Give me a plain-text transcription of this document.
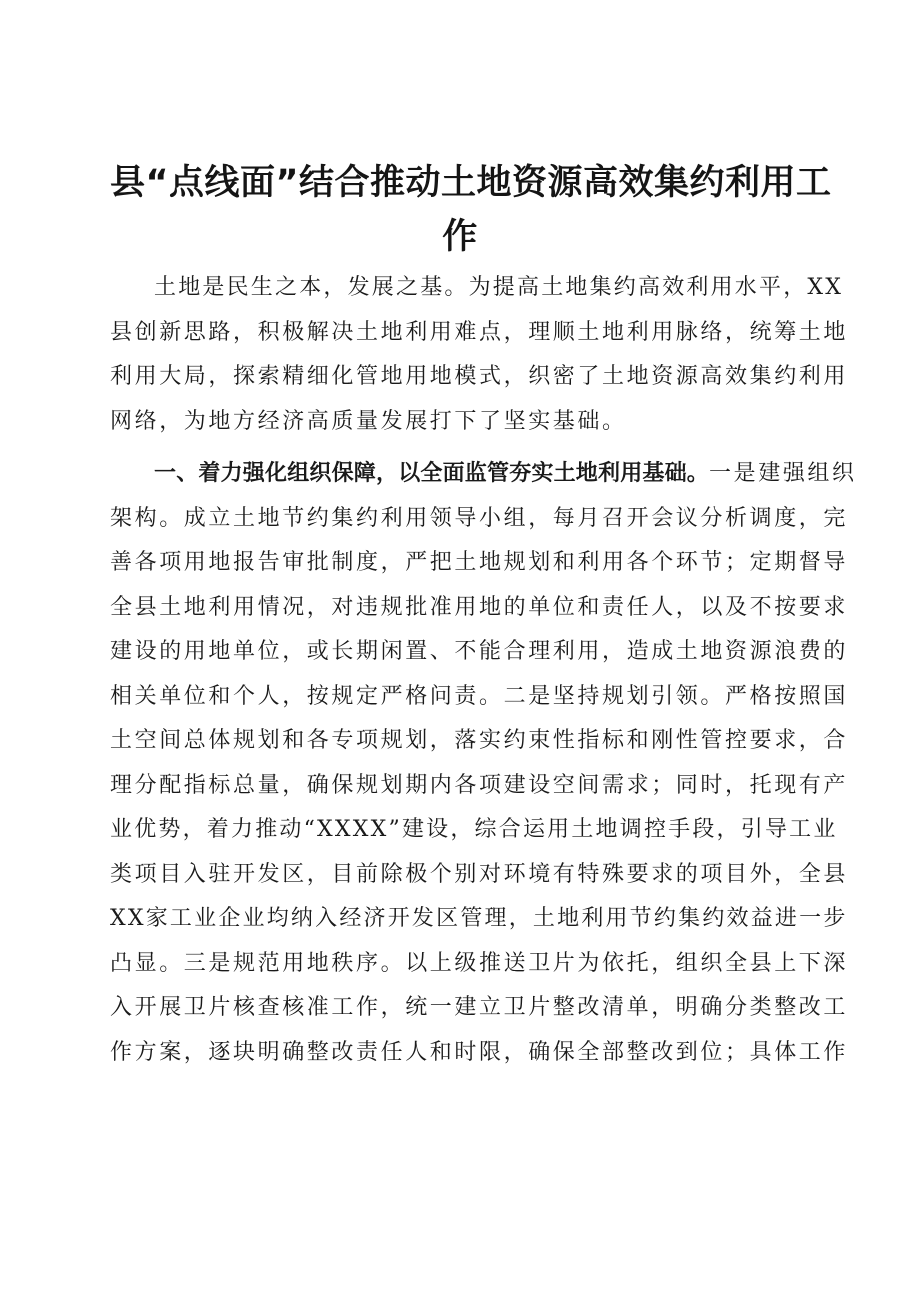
县“点线面”结合推动土地资源高效集约利用工
作
土地是民生之本，发展之基。为提高土地集约高效利用水平，XX
县创新思路，积极解决土地利用难点，理顺土地利用脉络，统筹土地
利用大局，探索精细化管地用地模式，织密了土地资源高效集约利用
网络，为地方经济高质量发展打下了坚实基础。
一、着力强化组织保障，以全面监管夯实土地利用基础。一是建强组织
架构。成立土地节约集约利用领导小组，每月召开会议分析调度，完
善各项用地报告审批制度，严把土地规划和利用各个环节；定期督导
全县土地利用情况，对违规批准用地的单位和责任人，以及不按要求
建设的用地单位，或长期闲置、不能合理利用，造成土地资源浪费的
相关单位和个人，按规定严格问责。二是坚持规划引领。严格按照国
土空间总体规划和各专项规划，落实约束性指标和刚性管控要求，合
理分配指标总量，确保规划期内各项建设空间需求；同时，托现有产
业优势，着力推动“XXXX”建设，综合运用土地调控手段，引导工业
类项目入驻开发区，目前除极个别对环境有特殊要求的项目外，全县
XX家工业企业均纳入经济开发区管理，土地利用节约集约效益进一步
凸显。三是规范用地秩序。以上级推送卫片为依托，组织全县上下深
入开展卫片核查核准工作，统一建立卫片整改清单，明确分类整改工
作方案，逐块明确整改责任人和时限，确保全部整改到位；具体工作
